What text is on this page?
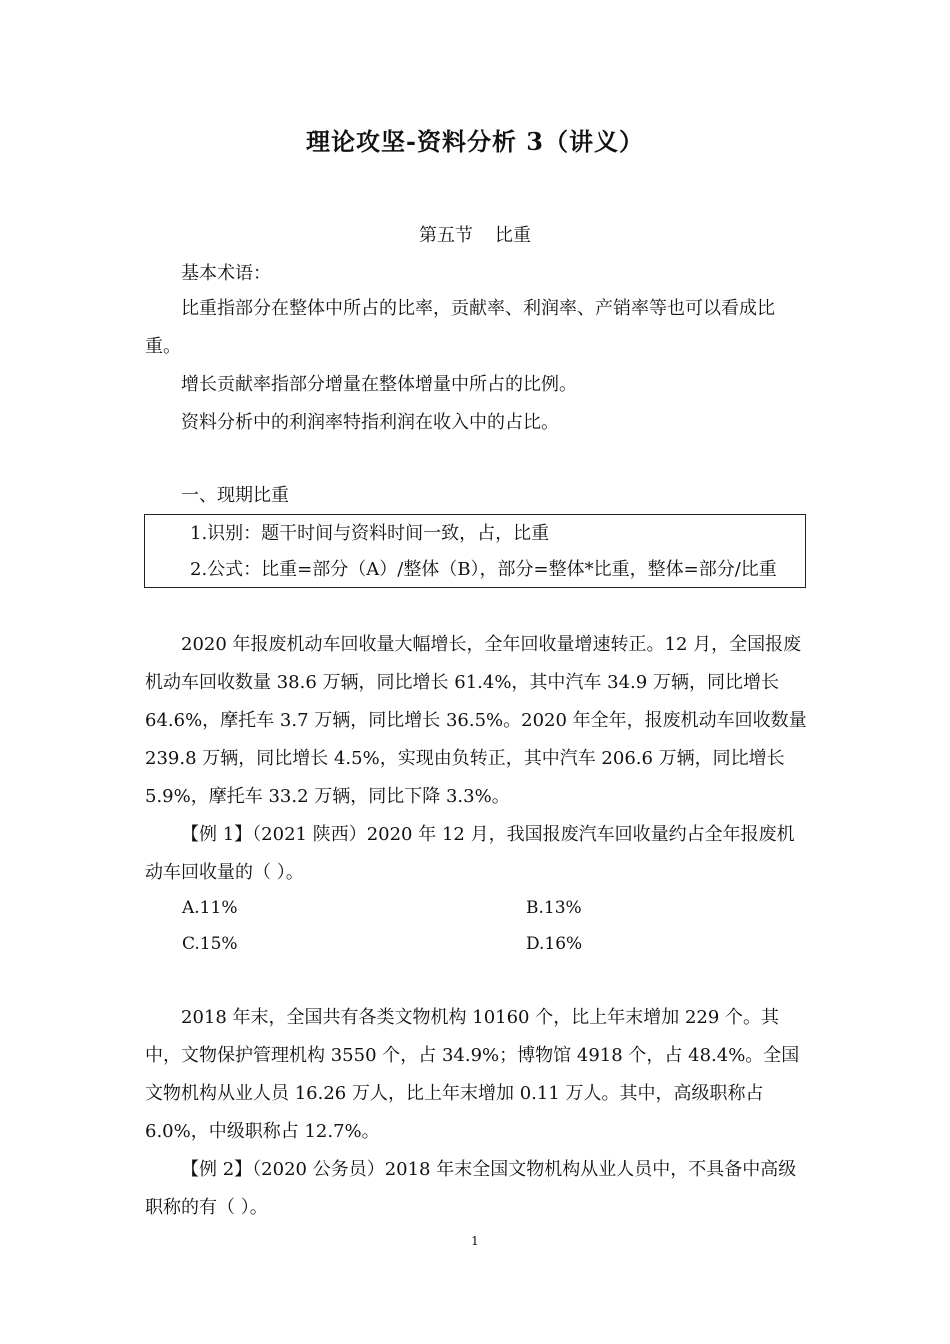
理论攻坚-资料分析 3（讲义）
第五节 比重

基本术语：

比重指部分在整体中所占的比率，贡献率、利润率、产销率等也可以看成比重。

增长贡献率指部分增量在整体增量中所占的比例。

资料分析中的利润率特指利润在收入中的占比。

一、现期比重

1.识别：题干时间与资料时间一致，占，比重
2.公式：比重=部分（A）/整体（B），部分=整体*比重，整体=部分/比重

2020 年报废机动车回收量大幅增长，全年回收量增速转正。12 月，全国报废机动车回收数量 38.6 万辆，同比增长 61.4%，其中汽车 34.9 万辆，同比增长 64.6%，摩托车 3.7 万辆，同比增长 36.5%。2020 年全年，报废机动车回收数量 239.8 万辆，同比增长 4.5%，实现由负转正，其中汽车 206.6 万辆，同比增长 5.9%，摩托车 33.2 万辆，同比下降 3.3%。

【例 1】（2021 陕西）2020 年 12 月，我国报废汽车回收量约占全年报废机动车回收量的（ ）。

A.11%	B.13%
C.15%	D.16%

2018 年末，全国共有各类文物机构 10160 个，比上年末增加 229 个。其中，文物保护管理机构 3550 个，占 34.9%；博物馆 4918 个，占 48.4%。全国文物机构从业人员 16.26 万人，比上年末增加 0.11 万人。其中，高级职称占 6.0%，中级职称占 12.7%。

【例 2】（2020 公务员）2018 年末全国文物机构从业人员中，不具备中高级职称的有（ ）。

1
